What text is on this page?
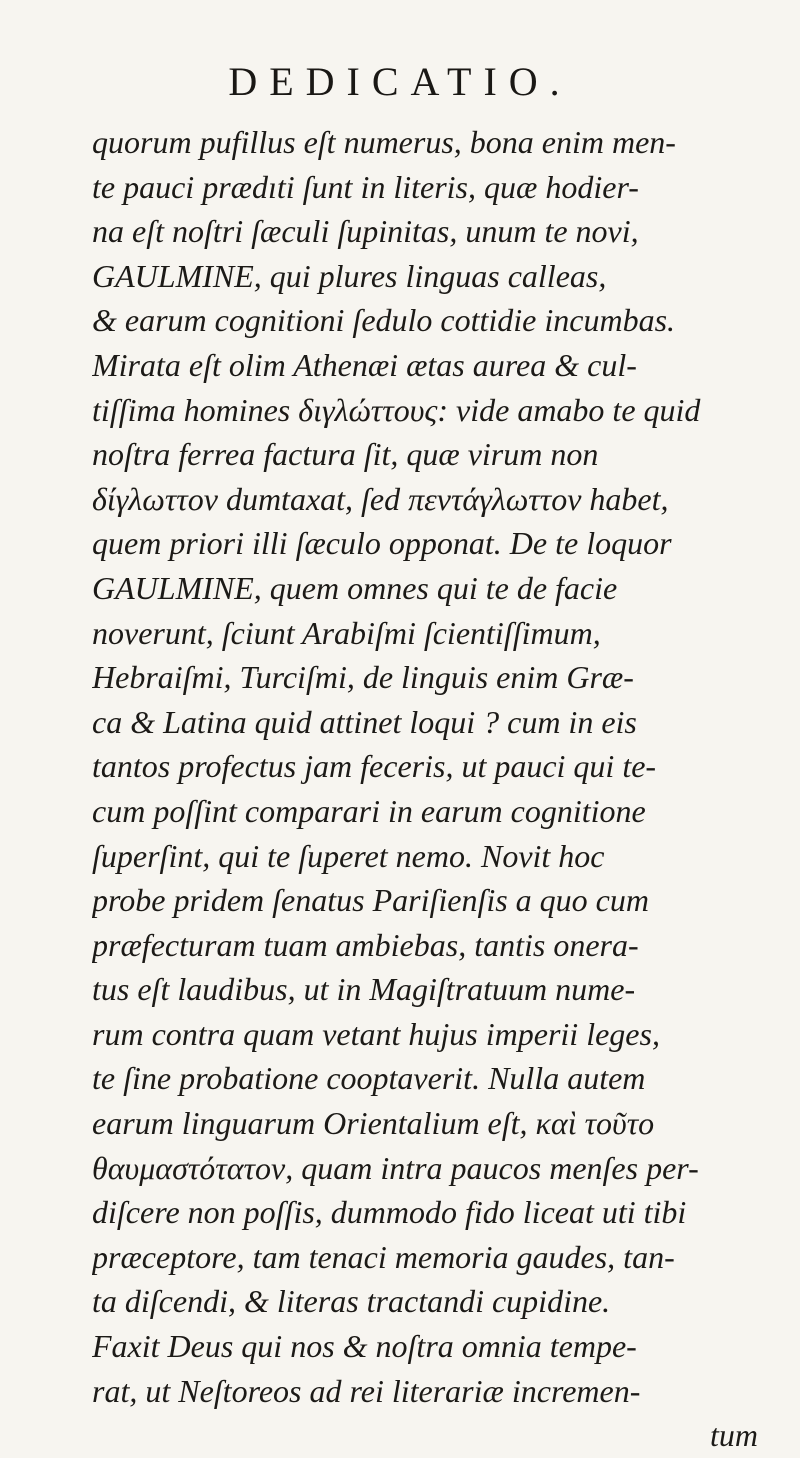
DEDICATIO.
quorum pufillus eſt numerus, bona enim men-
te pauci prædıti ſunt in literis, quæ hodier-
na eſt noſtri ſæculi ſupinitas, unum te novi,
GAULMINE, qui plures linguas calleas,
& earum cognitioni ſedulo cottidie incumbas.
Mirata eſt olim Athenæi ætas aurea & cul-
tiſſima homines διγλώττους: vide amabo te quid
noſtra ferrea factura ſit, quæ virum non
δίγλωττον dumtaxat, ſed πεντάγλωττον habet,
quem priori illi ſæculo opponat. De te loquor
GAULMINE, quem omnes qui te de facie
noverunt, ſciunt Arabiſmi ſcientiſſimum,
Hebraiſmi, Turciſmi, de linguis enim Græ-
ca & Latina quid attinet loqui ? cum in eis
tantos profectus jam feceris, ut pauci qui te-
cum poſſint comparari in earum cognitione
ſuperſint, qui te ſuperet nemo. Novit hoc
probe pridem ſenatus Pariſienſis a quo cum
præfecturam tuam ambiebas, tantis onera-
tus eſt laudibus, ut in Magiſtratuum nume-
rum contra quam vetant hujus imperii leges,
te ſine probatione cooptaverit. Nulla autem
earum linguarum Orientalium eſt, καὶ τοῦτο
θαυμαστότατον, quam intra paucos menſes per-
diſcere non poſſis, dummodo fido liceat uti tibi
præceptore, tam tenaci memoria gaudes, tan-
ta diſcendi, & literas tractandi cupidine.
Faxit Deus qui nos & noſtra omnia tempe-
rat, ut Neſtoreos ad rei literariæ incremen-
tum
